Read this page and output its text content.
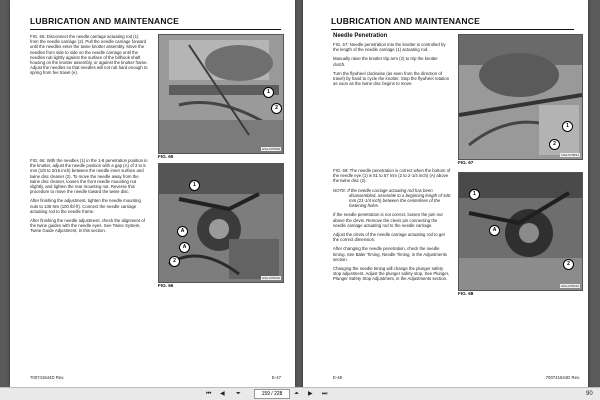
LUBRICATION AND MAINTENANCE

FIG. 65: Disconnect the needle carriage actuating rod (1) from the needle carriage (2). Pull the needle carriage forward until the needles enter the twine knotter assembly. Move the needles from side to side on the needle carriage until the needles rub lightly against the surface of the billhook shaft housing on the knotter assembly, or against the knotter frame. Adjust the needles so that needles will not rub hard enough to spring from fee travel (e).

1
2
HSA-0705/09
FIG. 65

FIG. 66: With the needles (1) in the 1-8 penetration position in the knotter, adjust the needle position with a gap (A) of 3 to 5 mm (1/8 to 3/16 inch) between the needle inner surface and twine disc cleaner (2). To move the needle away from the twine disc cleaner, loosen the front needle mounting nut slightly, and tighten the rear mounting nut. Reverse this procedure to move the needle toward the twine disc.

After finishing the adjustment, tighten the needle mounting nuts to 136 Nm (100 lbf·ft). Connect the needle carriage actuating rod to the needle frame.

After finishing the needle adjustment, check the alignment of the twine guides with the needle eyes. See Twine System, Twine Guide Adjustment, in this section.

1
A
A
2
HSA-0705/10
FIG. 66
700741544D Rev.	E-47
LUBRICATION AND MAINTENANCE
Needle Penetration

FIG. 67: Needle penetration into the knotter is controlled by the length of the needle carriage (1) actuating rod.

Manually raise the knotter trip arm (2) to trip the knotter clutch.

Turn the flywheel clockwise (as seen from the direction of travel) by hand to cycle the knotter. Stop the flywheel rotation as soon as the twine disc begins to move.

1
2
HSA-0705/11
FIG. 67

FIG. 68: The needle penetration is correct when the bottom of the needle eye (1) is 51 to 57 mm (2 to 2-1/4 inch) (A) above the twine disc (2).

NOTE: If the needle carriage actuating rod has been disassembled, assemble to a beginning length of 540 mm (21-1/4 inch) between the centerlines of the fastening holes.

If the needle penetration is not correct, loosen the jam nut above the clevis. Remove the clevis pin connecting the needle carriage actuating rod to the needle carriage.

Adjust the clevis of the needle carriage actuating rod to get the correct dimension.

After changing the needle penetration, check the needle timing. See Baler Timing, Needle Timing, in the Adjustments section.

Changing the needle timing will change the plunger safety stop adjustment. Adjust the plunger safety stop. See Plunger, Plunger Safety Stop Adjustment, in the Adjustments section.

1
A
2
HSA-0705/12
FIG. 68
E-48	700741544D Rev.
⏮ ◀ ⏷
159 / 228	⏶ ▶ ⏭	90
